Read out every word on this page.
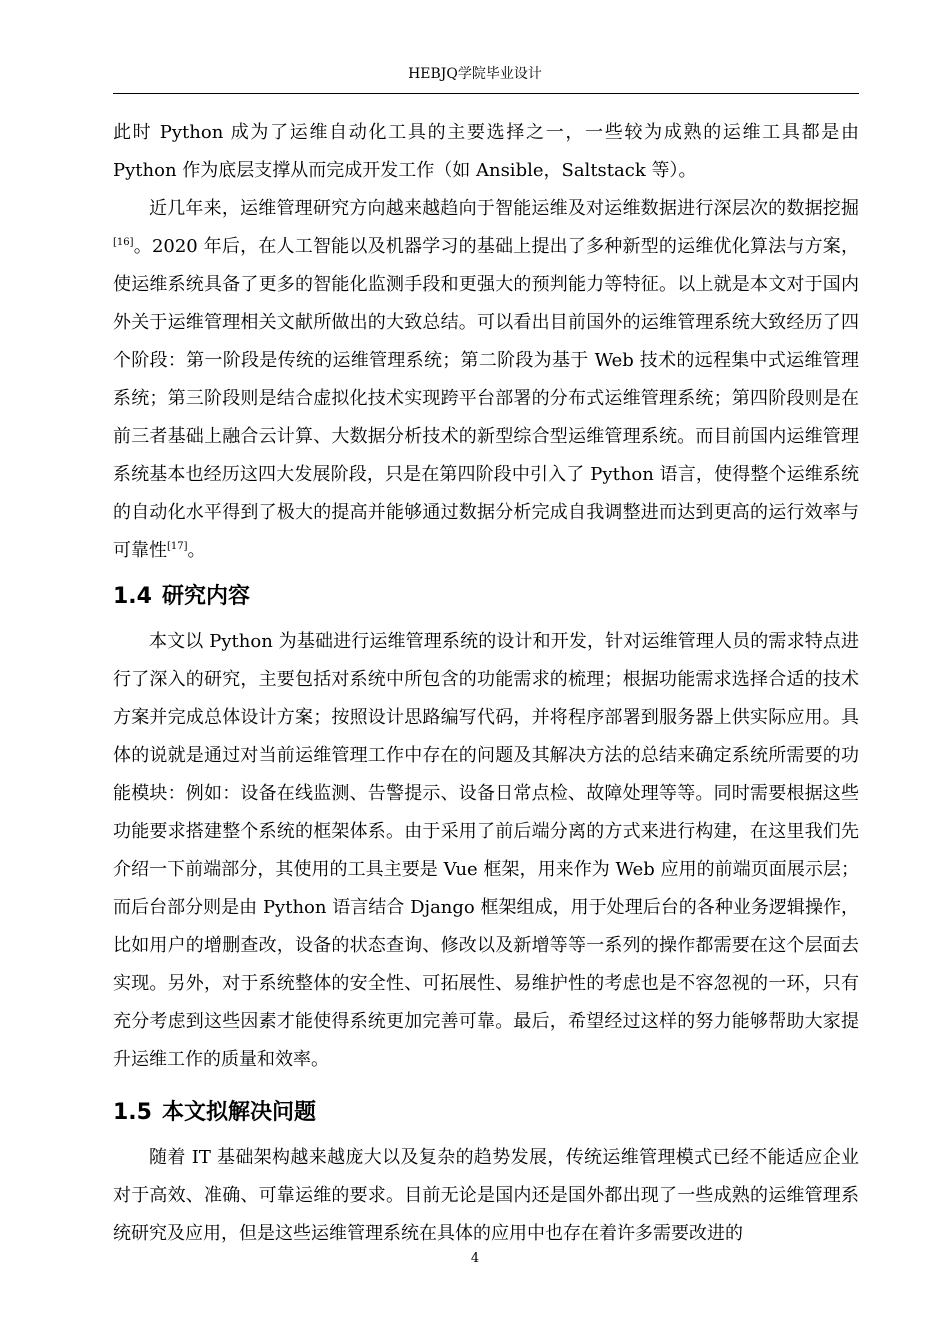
HEBJQ学院毕业设计

此时 Python 成为了运维自动化工具的主要选择之一，一些较为成熟的运维工具都是由 Python 作为底层支撑从而完成开发工作（如 Ansible，Saltstack 等）。

近几年来，运维管理研究方向越来越趋向于智能运维及对运维数据进行深层次的数据挖掘[16]。2020 年后，在人工智能以及机器学习的基础上提出了多种新型的运维优化算法与方案，使运维系统具备了更多的智能化监测手段和更强大的预判能力等特征。以上就是本文对于国内外关于运维管理相关文献所做出的大致总结。可以看出目前国外的运维管理系统大致经历了四个阶段：第一阶段是传统的运维管理系统；第二阶段为基于 Web 技术的远程集中式运维管理系统；第三阶段则是结合虚拟化技术实现跨平台部署的分布式运维管理系统；第四阶段则是在前三者基础上融合云计算、大数据分析技术的新型综合型运维管理系统。而目前国内运维管理系统基本也经历这四大发展阶段，只是在第四阶段中引入了 Python 语言，使得整个运维系统的自动化水平得到了极大的提高并能够通过数据分析完成自我调整进而达到更高的运行效率与可靠性[17]。

1.4 研究内容

本文以 Python 为基础进行运维管理系统的设计和开发，针对运维管理人员的需求特点进行了深入的研究，主要包括对系统中所包含的功能需求的梳理；根据功能需求选择合适的技术方案并完成总体设计方案；按照设计思路编写代码，并将程序部署到服务器上供实际应用。具体的说就是通过对当前运维管理工作中存在的问题及其解决方法的总结来确定系统所需要的功能模块：例如：设备在线监测、告警提示、设备日常点检、故障处理等等。同时需要根据这些功能要求搭建整个系统的框架体系。由于采用了前后端分离的方式来进行构建，在这里我们先介绍一下前端部分，其使用的工具主要是 Vue 框架，用来作为 Web 应用的前端页面展示层；而后台部分则是由 Python 语言结合 Django 框架组成，用于处理后台的各种业务逻辑操作，比如用户的增删查改，设备的状态查询、修改以及新增等等一系列的操作都需要在这个层面去实现。另外，对于系统整体的安全性、可拓展性、易维护性的考虑也是不容忽视的一环，只有充分考虑到这些因素才能使得系统更加完善可靠。最后，希望经过这样的努力能够帮助大家提升运维工作的质量和效率。

1.5 本文拟解决问题

随着 IT 基础架构越来越庞大以及复杂的趋势发展，传统运维管理模式已经不能适应企业对于高效、准确、可靠运维的要求。目前无论是国内还是国外都出现了一些成熟的运维管理系统研究及应用，但是这些运维管理系统在具体的应用中也存在着许多需要改进的

4
